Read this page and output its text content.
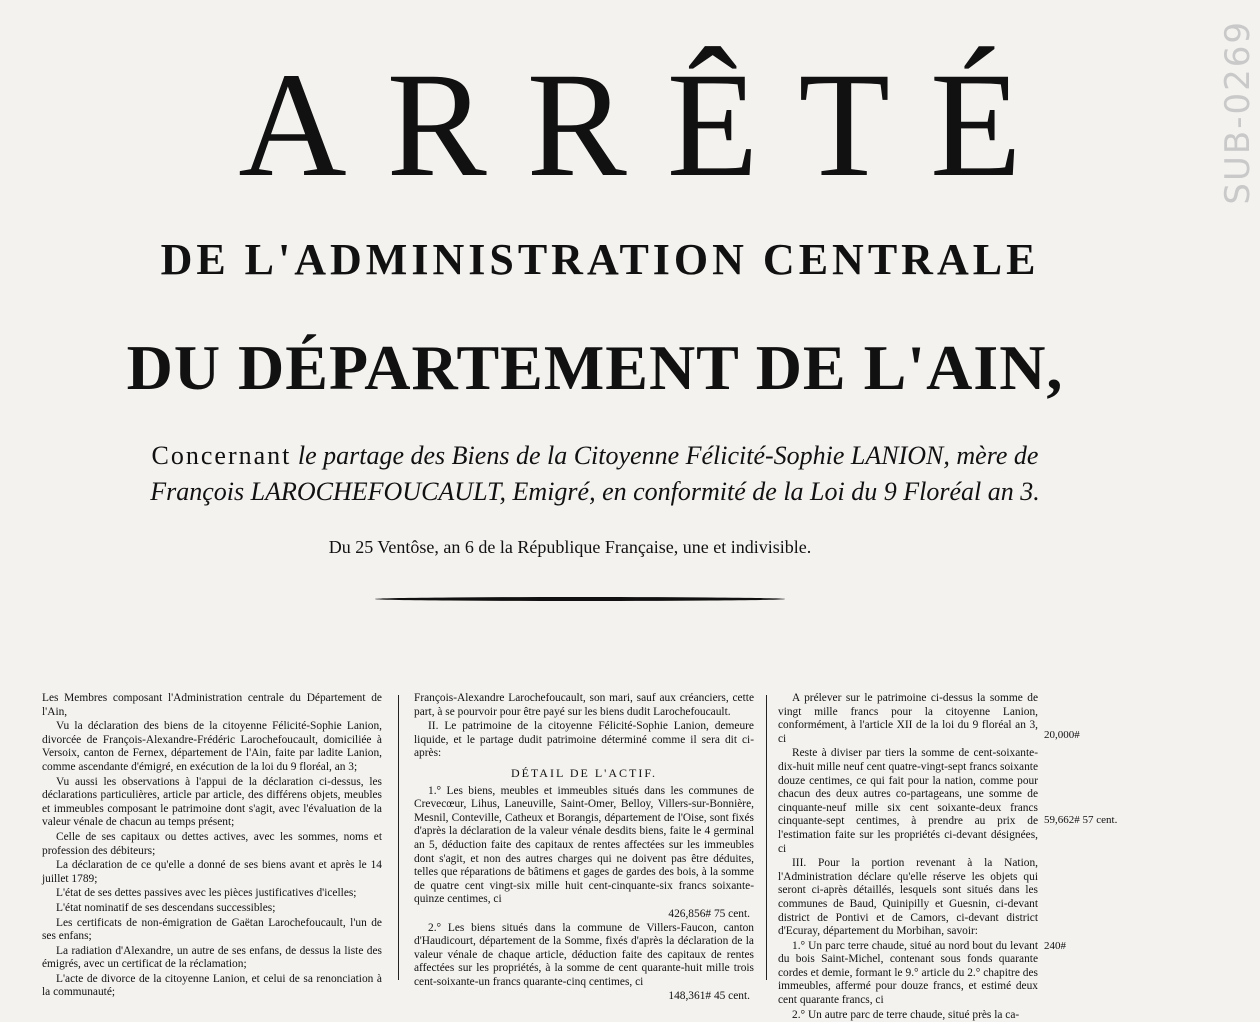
SUB-0269
ARRÊTÉ
DE L'ADMINISTRATION CENTRALE
DU DÉPARTEMENT DE L'AIN,
Concernant le partage des Biens de la Citoyenne Félicité-Sophie LANION, mère de
François LAROCHEFOUCAULT, Emigré, en conformité de la Loi du 9 Floréal an 3.
Du 25 Ventôse, an 6 de la République Française, une et indivisible.

Les Membres composant l'Administration centrale du Département de l'Ain,

Vu la déclaration des biens de la citoyenne Félicité-Sophie Lanion, divorcée de François-Alexandre-Frédéric Larochefoucault, domiciliée à Versoix, canton de Fernex, département de l'Ain, faite par ladite Lanion, comme ascendante d'émigré, en exécution de la loi du 9 floréal, an 3;

Vu aussi les observations à l'appui de la déclaration ci-dessus, les déclarations particulières, article par article, des différens objets, meubles et immeubles composant le patrimoine dont s'agit, avec l'évaluation de la valeur vénale de chacun au temps présent;

Celle de ses capitaux ou dettes actives, avec les sommes, noms et profession des débiteurs;

La déclaration de ce qu'elle a donné de ses biens avant et après le 14 juillet 1789;

L'état de ses dettes passives avec les pièces justificatives d'icelles;

L'état nominatif de ses descendans successibles;

Les certificats de non-émigration de Gaëtan Larochefoucault, l'un de ses enfans;

La radiation d'Alexandre, un autre de ses enfans, de dessus la liste des émigrés, avec un certificat de la réclamation;

L'acte de divorce de la citoyenne Lanion, et celui de sa renonciation à la communauté;

François-Alexandre Larochefoucault, son mari, sauf aux créanciers, cette part, à se pourvoir pour être payé sur les biens dudit Larochefoucault.

II. Le patrimoine de la citoyenne Félicité-Sophie Lanion, demeure liquide, et le partage dudit patrimoine déterminé comme il sera dit ci-après:

DÉTAIL DE L'ACTIF.

1.° Les biens, meubles et immeubles situés dans les communes de Crevecœur, Lihus, Laneuville, Saint-Omer, Belloy, Villers-sur-Bonnière, Mesnil, Conteville, Catheux et Borangis, département de l'Oise, sont fixés d'après la déclaration de la valeur vénale desdits biens, faite le 4 germinal an 5, déduction faite des capitaux de rentes affectées sur les immeubles dont s'agit, et non des autres charges qui ne doivent pas être déduites, telles que réparations de bâtimens et gages de gardes des bois, à la somme de quatre cent vingt-six mille huit cent-cinquante-six francs soixante-quinze centimes, ci

426,856# 75 cent.

2.° Les biens situés dans la commune de Villers-Faucon, canton d'Haudicourt, département de la Somme, fixés d'après la déclaration de la valeur vénale de chaque article, déduction faite des capitaux de rentes affectées sur les propriétés, à la somme de cent quarante-huit mille trois cent-soixante-un francs quarante-cinq centimes, ci

148,361# 45 cent.

A prélever sur le patrimoine ci-dessus la somme de vingt mille francs pour la citoyenne Lanion, conformément, à l'article XII de la loi du 9 floréal an 3, ci

Reste à diviser par tiers la somme de cent-soixante-dix-huit mille neuf cent quatre-vingt-sept francs soixante douze centimes, ce qui fait pour la nation, comme pour chacun des deux autres co-partageans, une somme de cinquante-neuf mille six cent soixante-deux francs cinquante-sept centimes, à prendre au prix de l'estimation faite sur les propriétés ci-devant désignées, ci

III. Pour la portion revenant à la Nation, l'Administration déclare qu'elle réserve les objets qui seront ci-après détaillés, lesquels sont situés dans les communes de Baud, Quinipilly et Guesnin, ci-devant district de Pontivi et de Camors, ci-devant district d'Ecuray, département du Morbihan, savoir:

1.° Un parc terre chaude, situé au nord bout du levant du bois Saint-Michel, contenant sous fonds quarante cordes et demie, formant le 9.° article du 2.° chapitre des immeubles, affermé pour douze francs, et estimé deux cent quarante francs, ci

2.° Un autre parc de terre chaude, situé près la ca-

20,000#
59,662# 57 cent.
240#
